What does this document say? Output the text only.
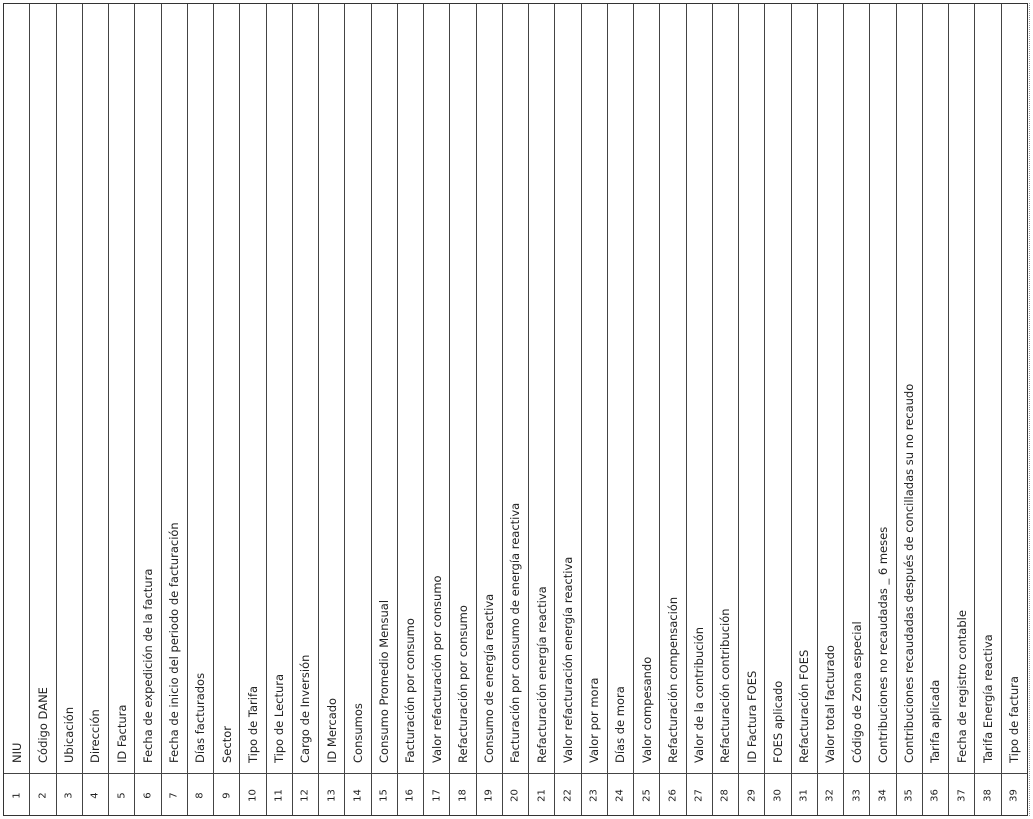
NIU
1
Código DANE
2
Ubicación
3
Dirección
4
ID Factura
5
Fecha de expedición de la factura
6
Fecha de inicio del periodo de facturación
7
Días facturados
8
Sector
9
Tipo de Tarifa
10
Tipo de Lectura
11
Cargo de Inversión
12
ID Mercado
13
Consumos
14
Consumo Promedio Mensual
15
Facturación por consumo
16
Valor refacturación por consumo
17
Refacturación por consumo
18
Consumo de energía reactiva
19
Facturación por consumo de energía reactiva
20
Refacturación energía reactiva
21
Valor refacturación energía reactiva
22
Valor por mora
23
Días de mora
24
Valor compesando
25
Refacturación compensación
26
Valor de la contribución
27
Refacturación contribución
28
ID Factura FOES
29
FOES aplicado
30
Refacturación FOES
31
Valor total facturado
32
Código de Zona especial
33
Contribuciones no recaudadas _ 6 meses
34
Contribuciones recaudadas después de concilladas su no recaudo
35
Tarifa aplicada
36
Fecha de registro contable
37
Tarifa Energía reactiva
38
Tipo de factura
39
